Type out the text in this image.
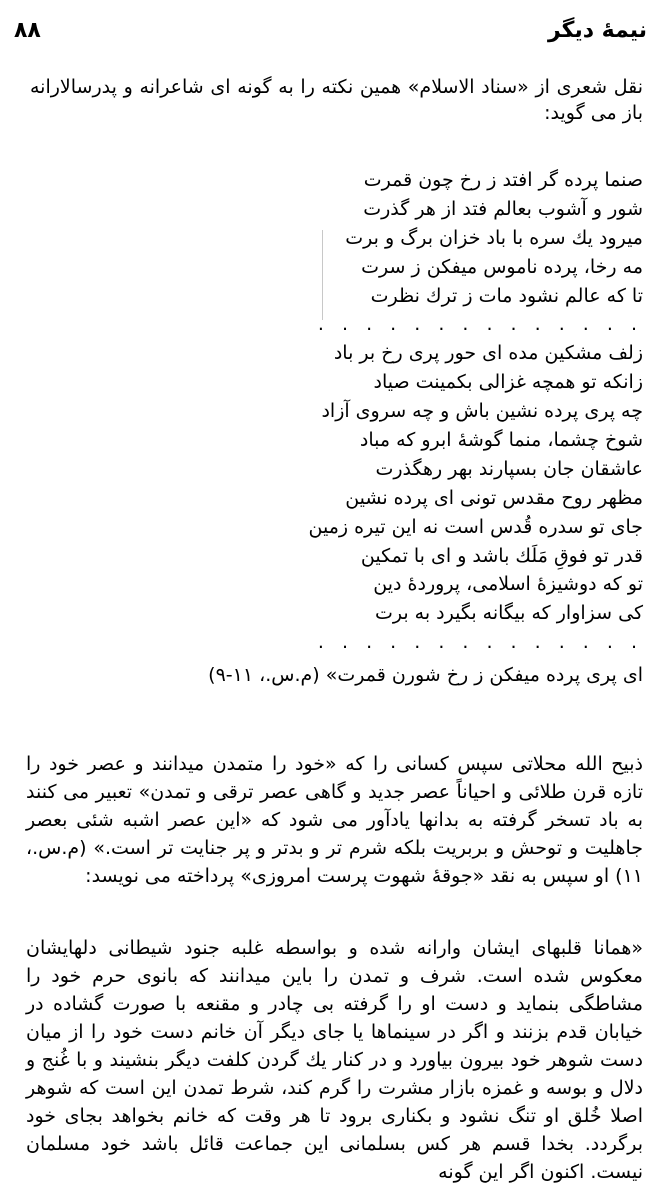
نیمهٔ دیگر
۸۸
نقل شعری از «سناد الاسلام» همین نکته را به گونه ای شاعرانه و پدرسالارانه باز می گوید:
صنما پرده گر افتد ز رخ چون قمرت
شور و آشوب بعالم فتد از هر گذرت
میرود یك سره با باد خزان برگ و برت
مه رخا، پرده ناموس میفکن ز سرت
تا که عالم نشود مات ز ترك نظرت
. . . . . . . . . . . . . .
زلف مشکین مده ای حور پری رخ بر باد
زانکه تو همچه غزالی بکمینت صیاد
چه پری پرده نشین باش و چه سروی آزاد
شوخ چشما، منما گوشهٔ ابرو که مباد
عاشقان جان بسپارند بهر رهگذرت
مظهر روح مقدس تونی ای پرده نشین
جای تو سدره قُدس است نه این تیره زمین
قدر تو فوقِ مَلَك باشد و ای با تمکین
تو که دوشیزهٔ اسلامی، پروردهٔ دین
کی سزاوار که بیگانه بگیرد به برت
. . . . . . . . . . . . . .
ای پری پرده میفکن ز رخ شورن قمرت» (م.س.، ۱۱-۹)
ذبیح الله محلاتی سپس کسانی را که «خود را متمدن میدانند و عصر خود را تازه قرن طلائی و احیاناً عصر جدید و گاهی عصر ترقی و تمدن» تعبیر می کنند به باد تسخر گرفته به بدانها یادآور می شود که «این عصر اشبه شئی بعصر جاهلیت و توحش و بربریت بلکه شرم تر و بدتر و پر جنایت تر است.» (م.س.، ۱۱) او سپس به نقد «جوقهٔ شهوت پرست امروزی» پرداخته می نویسد:
«همانا قلبهای ایشان وارانه شده و بواسطه غلبه جنود شیطانی دلهایشان معکوس شده است. شرف و تمدن را باین میدانند که بانوی حرم خود را مشاطگی بنماید و دست او را گرفته بی چادر و مقنعه با صورت گشاده در خیابان قدم بزنند و اگر در سینماها یا جای دیگر آن خانم دست خود را از میان دست شوهر خود بیرون بیاورد و در کنار یك گردن کلفت دیگر بنشیند و با غُنج و دلال و بوسه و غمزه بازار مشرت را گرم کند، شرط تمدن این است که شوهر اصلا خُلق او تنگ نشود و بکناری برود تا هر وقت که خانم بخواهد بجای خود برگردد. بخدا قسم هر کس بسلمانی این جماعت قائل باشد خود مسلمان نیست. اکنون اگر این گونه
